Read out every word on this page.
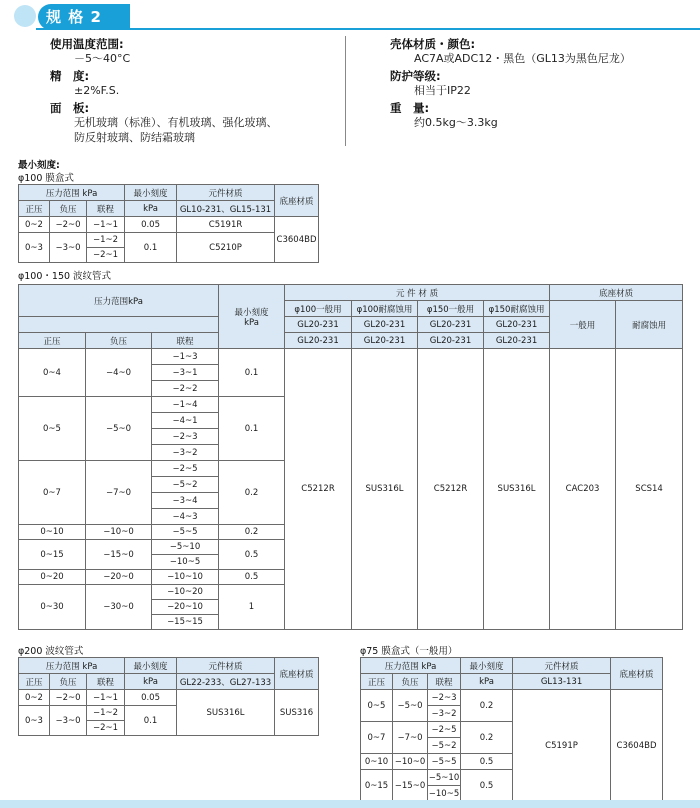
规 格 2
使用温度范围:
－5～40°C
精　度:
±2%F.S.
面　板:
无机玻璃（标准）、有机玻璃、强化玻璃、
防反射玻璃、防结霜玻璃
壳体材质・颜色:
AC7A或ADC12・黑色（GL13为黑色尼龙）
防护等级:
相当于IP22
重　量:
约0.5kg～3.3kg
最小刻度:
φ100 膜盒式
压力范围 kPa			最小刻度	元件材质	底座材质
正压	负压	联程	kPa	GL10-231、GL15-131	
0~2	−2~0	−1~1	0.05	C5191R	C3604BD
0~3	−3~0	−1~2	0.1	C5210P	
		−2~1			
φ100・150 波纹管式
压力范围kPa			最小刻度
kPa	元 件 材 质				底座材质	
				φ100一般用	φ100耐腐蚀用	φ150一般用	φ150耐腐蚀用	一般用	耐腐蚀用
				GL20-231	GL20-231	GL20-231	GL20-231		
正压	负压	联程		GL20-231	GL20-231	GL20-231	GL20-231		
0~4	−4~0	−1~3	0.1	C5212R	SUS316L	C5212R	SUS316L	CAC203	SCS14
		−3~1							
		−2~2							
0~5	−5~0	−1~4	0.1						
		−4~1							
		−2~3							
		−3~2							
0~7	−7~0	−2~5	0.2						
		−5~2							
		−3~4							
		−4~3							
0~10	−10~0	−5~5	0.2						
0~15	−15~0	−5~10	0.5						
		−10~5							
0~20	−20~0	−10~10	0.5						
0~30	−30~0	−10~20	1						
		−20~10							
		−15~15							
φ200 波纹管式
压力范围 kPa			最小刻度	元件材质	底座材质
正压	负压	联程	kPa	GL22-233、GL27-133	
0~2	−2~0	−1~1	0.05	SUS316L	SUS316
0~3	−3~0	−1~2	0.1		
		−2~1			
φ75 膜盒式（一般用）
压力范围 kPa			最小刻度	元件材质	底座材质
正压	负压	联程	kPa	GL13-131	
0~5	−5~0	−2~3	0.2	C5191P	C3604BD
		−3~2			
0~7	−7~0	−2~5	0.2		
		−5~2			
0~10	−10~0	−5~5	0.5		
0~15	−15~0	−5~10	0.5		
		−10~5			
